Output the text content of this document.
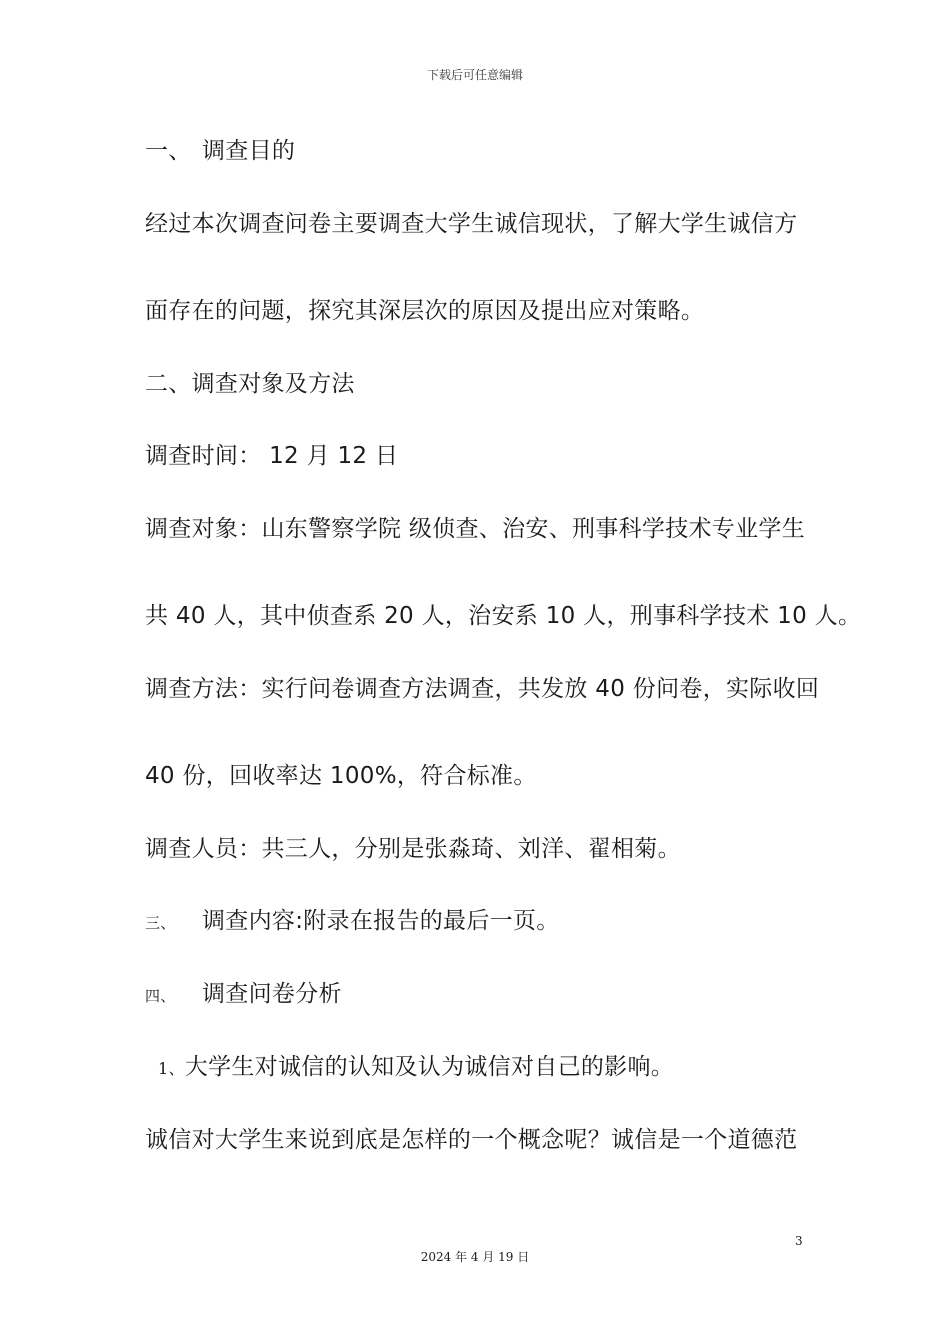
下载后可任意编辑
一、 调查目的
经过本次调查问卷主要调查大学生诚信现状，了解大学生诚信方
面存在的问题，探究其深层次的原因及提出应对策略。
二、调查对象及方法
调查时间： 12 月 12 日
调查对象：山东警察学院 级侦查、治安、刑事科学技术专业学生
共 40 人，其中侦查系 20 人，治安系 10 人，刑事科学技术 10 人。
调查方法：实行问卷调查方法调查，共发放 40 份问卷，实际收回
40 份，回收率达 100%，符合标准。
调查人员：共三人，分别是张淼琦、刘洋、翟相菊。
三、 调查内容:附录在报告的最后一页。
四、 调查问卷分析
1、大学生对诚信的认知及认为诚信对自己的影响。
诚信对大学生来说到底是怎样的一个概念呢？诚信是一个道德范
3
2024 年 4 月 19 日
